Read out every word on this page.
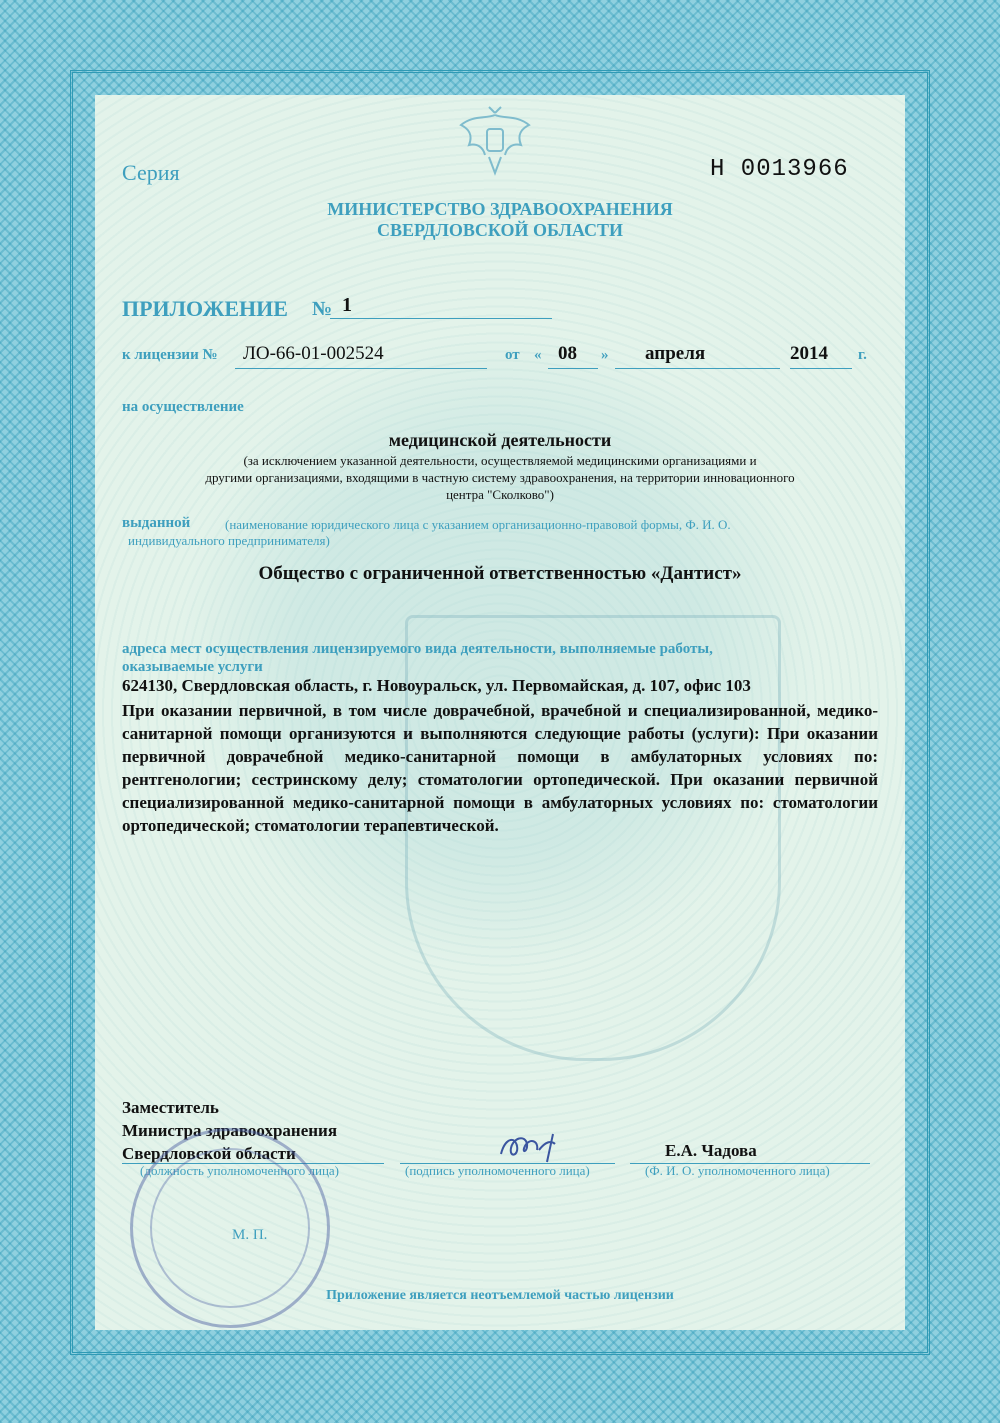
Серия	Н 0013966
МИНИСТЕРСТВО ЗДРАВООХРАНЕНИЯ
СВЕРДЛОВСКОЙ ОБЛАСТИ
ПРИЛОЖЕНИЕ № 1
к лицензии № ЛО-66-01-002524	от « 08 » апреля	2014 г.
на осуществление
медицинской деятельности
(за исключением указанной деятельности, осуществляемой медицинскими организациями и
другими организациями, входящими в частную систему здравоохранения, на территории инновационного
центра "Сколково")
выданной	(наименование юридического лица с указанием организационно-правовой формы, Ф. И. О.
индивидуального предпринимателя)
Общество с ограниченной ответственностью «Дантист»
адреса мест осуществления лицензируемого вида деятельности, выполняемые работы,
оказываемые услуги
624130, Свердловская область, г. Новоуральск, ул. Первомайская, д. 107, офис 103
При оказании первичной, в том числе доврачебной, врачебной и специализированной, медико-санитарной помощи организуются и выполняются следующие работы (услуги): При оказании первичной доврачебной медико-санитарной помощи в амбулаторных условиях по: рентгенологии; сестринскому делу; стоматологии ортопедической. При оказании первичной специализированной медико-санитарной помощи в амбулаторных условиях по: стоматологии ортопедической; стоматологии терапевтической.
Заместитель
Министра здравоохранения
Свердловской области
(должность уполномоченного лица)	(подпись уполномоченного лица)
Е.А. Чадова
(Ф. И. О. уполномоченного лица)
М. П.
Приложение является неотъемлемой частью лицензии
